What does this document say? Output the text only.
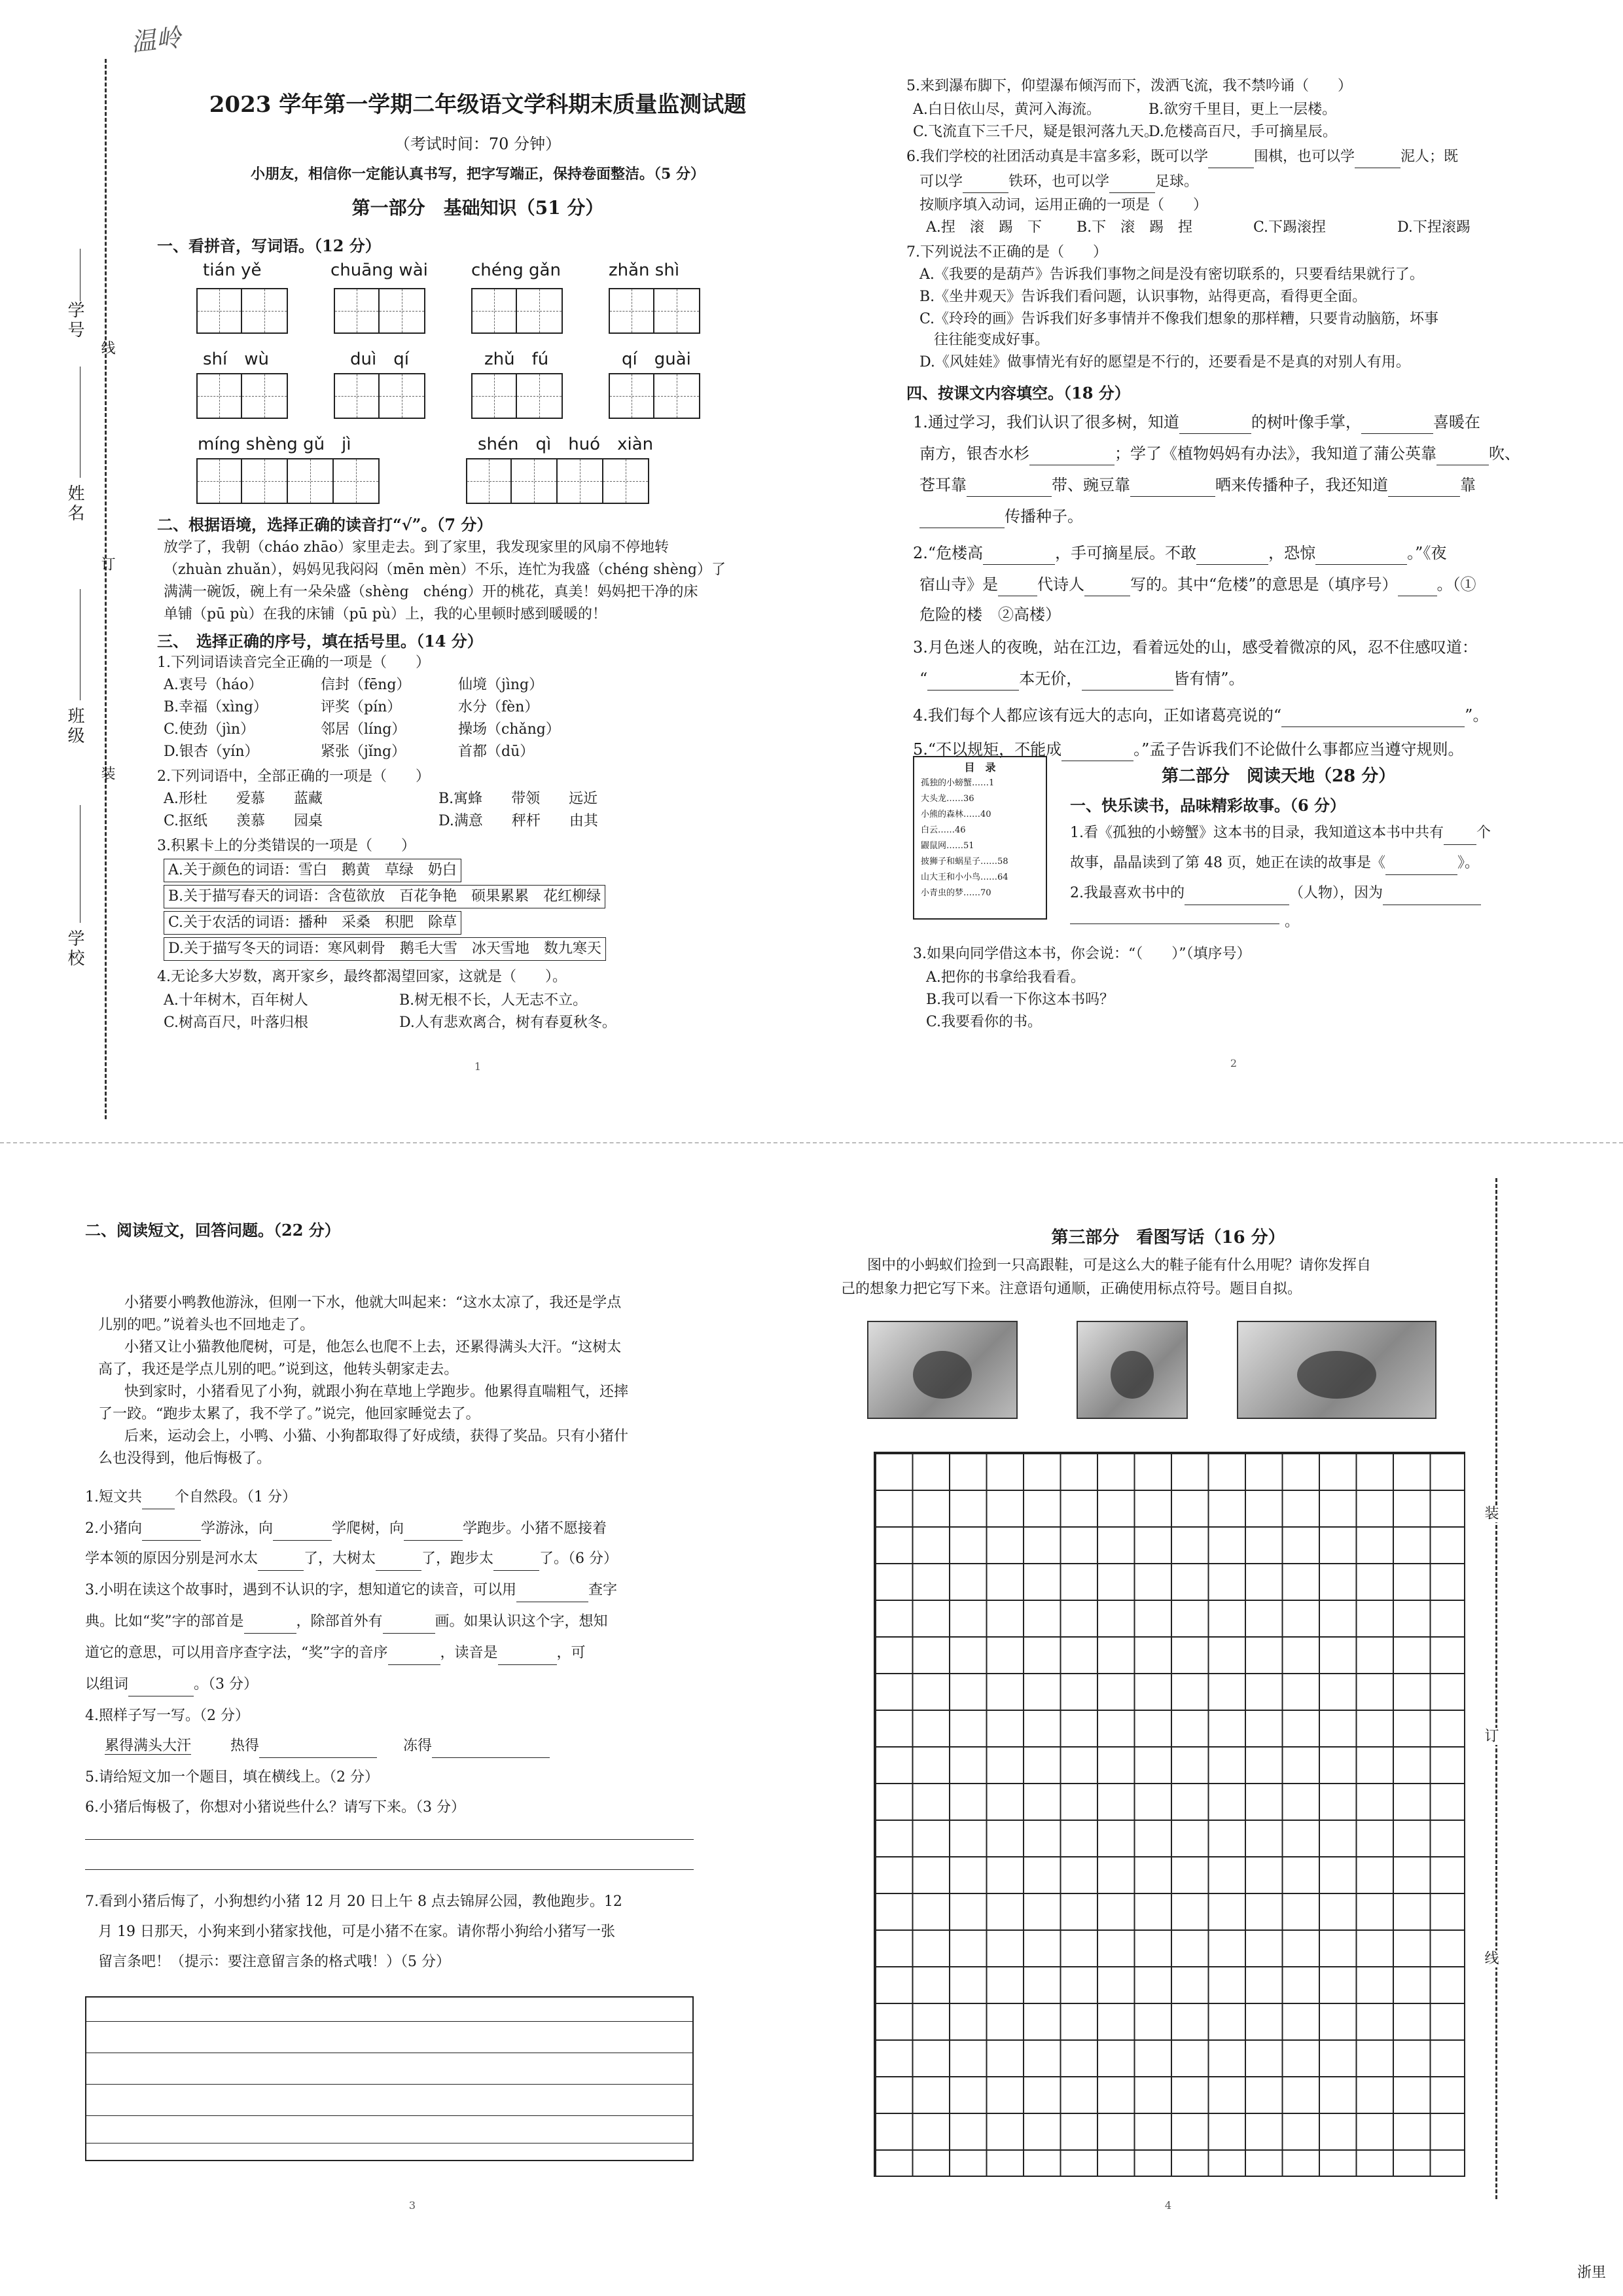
温岭
学号
姓名
班级
学校
线
订
装
2023 学年第一学期二年级语文学科期末质量监测试题
（考试时间：70 分钟）
小朋友，相信你一定能认真书写，把字写端正，保持卷面整洁。（5 分）
第一部分　基础知识（51 分）
一、看拼音，写词语。（12 分）
tián yě	chuāng wài	chéng gǎn	zhǎn shì
shí　wù	duì　qí	zhǔ　fú	qí　guài
míng shèng gǔ　jì	shén　qì　huó　xiàn
二、根据语境，选择正确的读音打“√”。（7 分）
放学了，我朝（cháo zhāo）家里走去。到了家里，我发现家里的风扇不停地转
（zhuàn zhuǎn），妈妈见我闷闷（mēn mèn）不乐，连忙为我盛（chéng shèng）了
满满一碗饭，碗上有一朵朵盛（shèng　chéng）开的桃花，真美！妈妈把干净的床
单铺（pū pù）在我的床铺（pū pù）上，我的心里顿时感到暖暖的！
三、　选择正确的序号，填在括号里。（14 分）
1.下列词语读音完全正确的一项是（　　）
A.衷号（háo）	信封（fēng）	仙境（jìng）
B.幸福（xìng）	评奖（pín）	水分（fèn）
C.使劲（jìn）	邻居（líng）	操场（chǎng）
D.银杏（yín）	紧张（jǐng）	首都（dū）
2.下列词语中，全部正确的一项是（　　）
A.形杜　　爱慕　　蓝藏	B.寓蜂　　带领　　远近
C.抠纸　　羡慕　　园桌	D.满意　　秤杆　　由其
3.积累卡上的分类错误的一项是（　　）
A.关于颜色的词语：雪白　鹅黄　草绿　奶白
B.关于描写春天的词语：含苞欲放　百花争艳　硕果累累　花红柳绿
C.关于农活的词语：播种　采桑　积肥　除草
D.关于描写冬天的词语：寒风刺骨　鹅毛大雪　冰天雪地　数九寒天
4.无论多大岁数，离开家乡，最终都渴望回家，这就是（　　）。
A.十年树木，百年树人	B.树无根不长，人无志不立。
C.树高百尺，叶落归根	D.人有悲欢离合，树有春夏秋冬。
1
5.来到瀑布脚下，仰望瀑布倾泻而下，泼洒飞流，我不禁吟诵（　　）
A.白日依山尽，黄河入海流。	B.欲穷千里目，更上一层楼。
C.飞流直下三千尺，疑是银河落九天。D.危楼高百尺，手可摘星辰。
6.我们学校的社团活动真是丰富多彩，既可以学	围棋，也可以学	泥人；既
可以学	铁环，也可以学	足球。
按顺序填入动词，运用正确的一项是（　　）
A.捏　滚　踢　下 B.下　滚　踢　捏	C.下踢滚捏	D.下捏滚踢
7.下列说法不正确的是（　　）
A.《我要的是葫芦》告诉我们事物之间是没有密切联系的，只要看结果就行了。
B.《坐井观天》告诉我们看问题，认识事物，站得更高，看得更全面。
C.《玲玲的画》告诉我们好多事情并不像我们想象的那样糟，只要肯动脑筋，坏事
　往往能变成好事。
D.《风娃娃》做事情光有好的愿望是不行的，还要看是不是真的对别人有用。
四、按课文内容填空。（18 分）
1.通过学习，我们认识了很多树，知道	的树叶像手掌，	喜暖在
南方，银杏水杉	；学了《植物妈妈有办法》，我知道了蒲公英靠	吹、
苍耳靠	带、豌豆靠	晒来传播种子，我还知道	靠
传播种子。
2.“危楼高	，手可摘星辰。不敢	，恐惊	。”《夜
宿山寺》是	代诗人	写的。其中“危楼”的意思是（填序号）	。（①
危险的楼　②高楼）
3.月色迷人的夜晚，站在江边，看着远处的山，感受着微凉的风，忍不住感叹道：
“	本无价，	皆有情”。
4.我们每个人都应该有远大的志向，正如诸葛亮说的“	”。
5.“不以规矩，不能成	。”孟子告诉我们不论做什么事都应当遵守规则。
目　录
孤独的小螃蟹……1
大头龙……36
小熊的森林……40
白云……46
鼹鼠网……51
披狮子和蜗星子……58
山大王和小小鸟……64
小青虫的梦……70
第二部分　阅读天地（28 分）
一、快乐读书，品味精彩故事。（6 分）
1.看《孤独的小螃蟹》这本书的目录，我知道这本书中共有 个
故事，晶晶读到了第 48 页，她正在读的故事是《	》。
2.我最喜欢书中的	（人物），因为
。
3.如果向同学借这本书，你会说：“（　　）”（填序号）
A.把你的书拿给我看看。
B.我可以看一下你这本书吗？
C.我要看你的书。
2
二、阅读短文，回答问题。（22 分）
小猪要小鸭教他游泳，但刚一下水，他就大叫起来：“这水太凉了，我还是学点
儿别的吧。”说着头也不回地走了。
小猪又让小猫教他爬树，可是，他怎么也爬不上去，还累得满头大汗。“这树太
高了，我还是学点儿别的吧。”说到这，他转头朝家走去。
快到家时，小猪看见了小狗，就跟小狗在草地上学跑步。他累得直喘粗气，还摔
了一跤。“跑步太累了，我不学了。”说完，他回家睡觉去了。
后来，运动会上，小鸭、小猫、小狗都取得了好成绩，获得了奖品。只有小猪什
么也没得到，他后悔极了。
1.短文共 个自然段。（1 分）
2.小猪向	学游泳，向	学爬树，向	学跑步。小猪不愿接着
学本领的原因分别是河水太	了，大树太	了，跑步太	了。（6 分）
3.小明在读这个故事时，遇到不认识的字，想知道它的读音，可以用	查字
典。比如“奖”字的部首是	，除部首外有	画。如果认识这个字，想知
道它的意思，可以用音序查字法，“奖”字的音序	，读音是	，可
以组词	。（3 分）
4.照样子写一写。（2 分）
累得满头大汗	热得	冻得
5.请给短文加一个题目，填在横线上。（2 分）
6.小猪后悔极了，你想对小猪说些什么？请写下来。（3 分）
7.看到小猪后悔了，小狗想约小猪 12 月 20 日上午 8 点去锦屏公园，教他跑步。12
月 19 日那天，小狗来到小猪家找他，可是小猪不在家。请你帮小狗给小猪写一张
留言条吧！（提示：要注意留言条的格式哦！）（5 分）
3
第三部分　看图写话（16 分）
图中的小蚂蚁们捡到一只高跟鞋，可是这么大的鞋子能有什么用呢？请你发挥自
己的想象力把它写下来。注意语句通顺，正确使用标点符号。题目自拟。
4
装
订
线
浙里
